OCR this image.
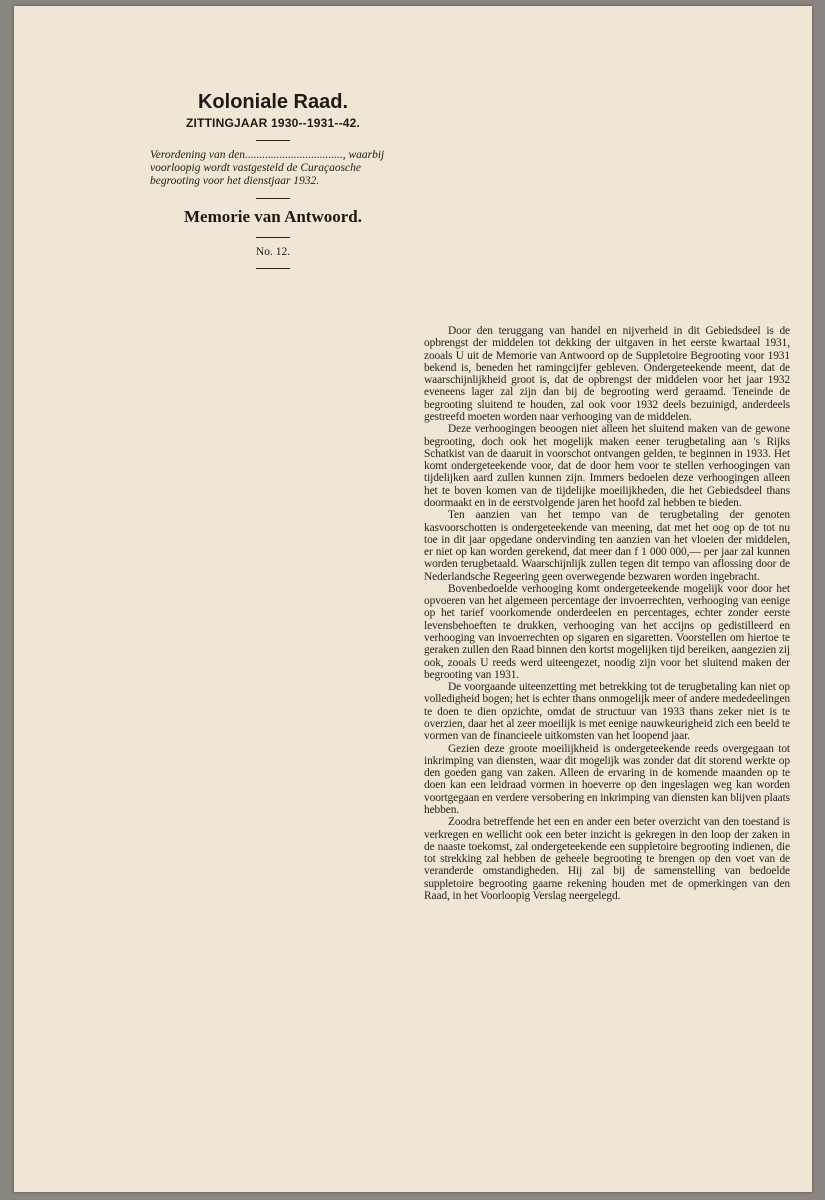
Koloniale Raad.
ZITTINGJAAR 1930--1931--42.

Verordening van den.................................., waarbij voorloopig wordt vastgesteld de Curaçaosche begrooting voor het dienstjaar 1932.

Memorie van Antwoord.

No. 12.

Door den teruggang van handel en nijverheid in dit Gebiedsdeel is de opbrengst der middelen tot dekking der uitgaven in het eerste kwartaal 1931, zooals U uit de Memorie van Antwoord op de Suppletoire Begrooting voor 1931 bekend is, beneden het ramingcijfer gebleven. Ondergeteekende meent, dat de waarschijnlijkheid groot is, dat de opbrengst der middelen voor het jaar 1932 eveneens lager zal zijn dan bij de begrooting werd geraamd. Teneinde de begrooting sluitend te houden, zal ook voor 1932 deels bezuinigd, anderdeels gestreefd moeten worden naar verhooging van de middelen.

Deze verhoogingen beoogen niet alleen het sluitend maken van de gewone begrooting, doch ook het mogelijk maken eener terugbetaling aan 's Rijks Schatkist van de daaruit in voorschot ontvangen gelden, te beginnen in 1933. Het komt ondergeteekende voor, dat de door hem voor te stellen verhoogingen van tijdelijken aard zullen kunnen zijn. Immers bedoelen deze verhoogingen alleen het te boven komen van de tijdelijke moeilijkheden, die het Gebiedsdeel thans doormaakt en in de eerstvolgende jaren het hoofd zal hebben te bieden.

Ten aanzien van het tempo van de terugbetaling der genoten kasvoorschotten is ondergeteekende van meening, dat met het oog op de tot nu toe in dit jaar opgedane ondervinding ten aanzien van het vloeien der middelen, er niet op kan worden gerekend, dat meer dan f 1 000 000,— per jaar zal kunnen worden terugbetaald. Waarschijnlijk zullen tegen dit tempo van aflossing door de Nederlandsche Regeering geen overwegende bezwaren worden ingebracht.

Bovenbedoelde verhooging komt ondergeteekende mogelijk voor door het opvoeren van het algemeen percentage der invoerrechten, verhooging van eenige op het tarief voorkomende onderdeelen en percentages, echter zonder eerste levensbehoeften te drukken, verhooging van het accijns op gedistilleerd en verhooging van invoerrechten op sigaren en sigaretten. Voorstellen om hiertoe te geraken zullen den Raad binnen den kortst mogelijken tijd bereiken, aangezien zij ook, zooals U reeds werd uiteengezet, noodig zijn voor het sluitend maken der begrooting van 1931.

De voorgaande uiteenzetting met betrekking tot de terugbetaling kan niet op volledigheid bogen; het is echter thans onmogelijk meer of andere mededeelingen te doen te dien opzichte, omdat de structuur van 1933 thans zeker niet is te overzien, daar het al zeer moeilijk is met eenige nauwkeurigheid zich een beeld te vormen van de financieele uitkomsten van het loopend jaar.

Gezien deze groote moeilijkheid is ondergeteekende reeds overgegaan tot inkrimping van diensten, waar dit mogelijk was zonder dat dit storend werkte op den goeden gang van zaken. Alleen de ervaring in de komende maanden op te doen kan een leidraad vormen in hoeverre op den ingeslagen weg kan worden voortgegaan en verdere versobering en inkrimping van diensten kan blijven plaats hebben.

Zoodra betreffende het een en ander een beter overzicht van den toestand is verkregen en wellicht ook een beter inzicht is gekregen in den loop der zaken in de naaste toekomst, zal ondergeteekende een suppletoire begrooting indienen, die tot strekking zal hebben de geheele begrooting te brengen op den voet van de veranderde omstandigheden. Hij zal bij de samenstelling van bedoelde suppletoire begrooting gaarne rekening houden met de opmerkingen van den Raad, in het Voorloopig Verslag neergelegd.
